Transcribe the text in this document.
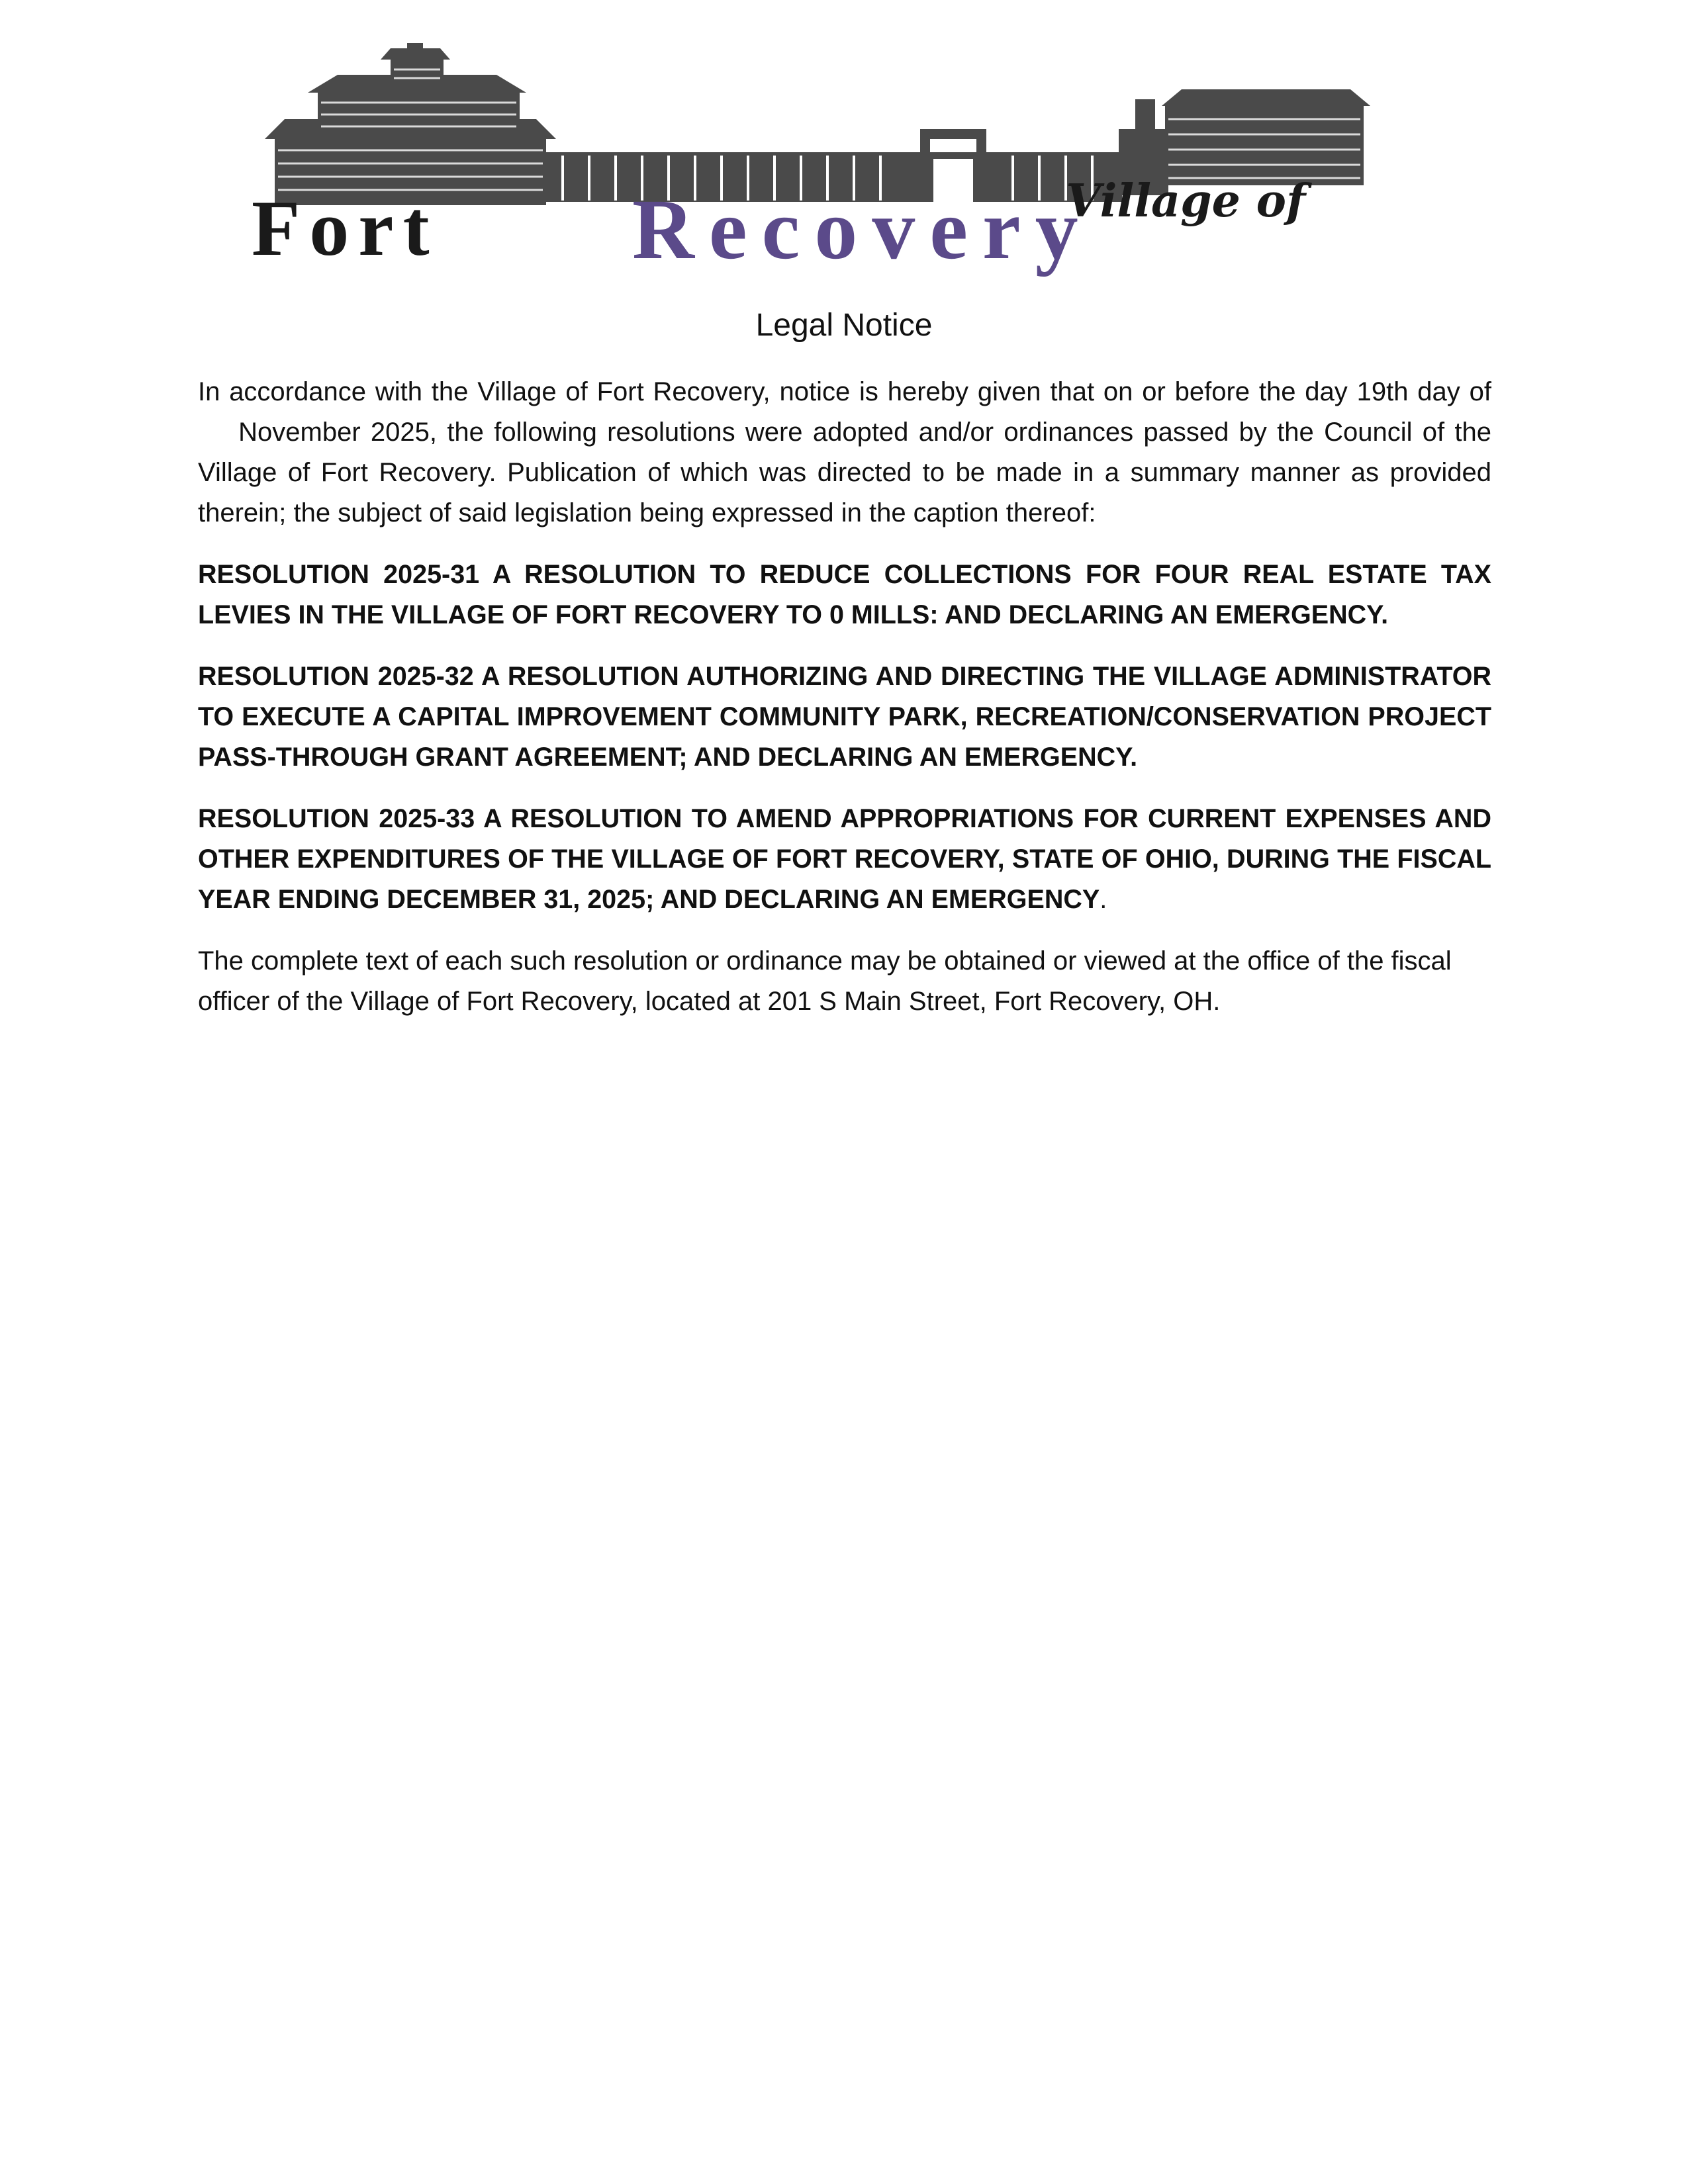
Village of
Fort Recovery
Legal Notice

In accordance with the Village of Fort Recovery, notice is hereby given that on or before the day 19th day of    November 2025, the following resolutions were adopted and/or ordinances passed by the Council of the Village of Fort Recovery. Publication of which was directed to be made in a summary manner as provided therein; the subject of said legislation being expressed in the caption thereof:

RESOLUTION 2025-31 A RESOLUTION TO REDUCE COLLECTIONS FOR FOUR REAL ESTATE TAX LEVIES IN THE VILLAGE OF FORT RECOVERY TO 0 MILLS: AND DECLARING AN EMERGENCY.

RESOLUTION 2025-32 A RESOLUTION AUTHORIZING AND DIRECTING THE VILLAGE ADMINISTRATOR TO EXECUTE A CAPITAL IMPROVEMENT COMMUNITY PARK, RECREATION/CONSERVATION PROJECT PASS-THROUGH GRANT AGREEMENT; AND DECLARING AN EMERGENCY.

RESOLUTION 2025-33 A RESOLUTION TO AMEND APPROPRIATIONS FOR CURRENT EXPENSES AND OTHER EXPENDITURES OF THE VILLAGE OF FORT RECOVERY, STATE OF OHIO, DURING THE FISCAL YEAR ENDING DECEMBER 31, 2025; AND DECLARING AN EMERGENCY.

The complete text of each such resolution or ordinance may be obtained or viewed at the office of the fiscal officer of the Village of Fort Recovery, located at 201 S Main Street, Fort Recovery, OH.
